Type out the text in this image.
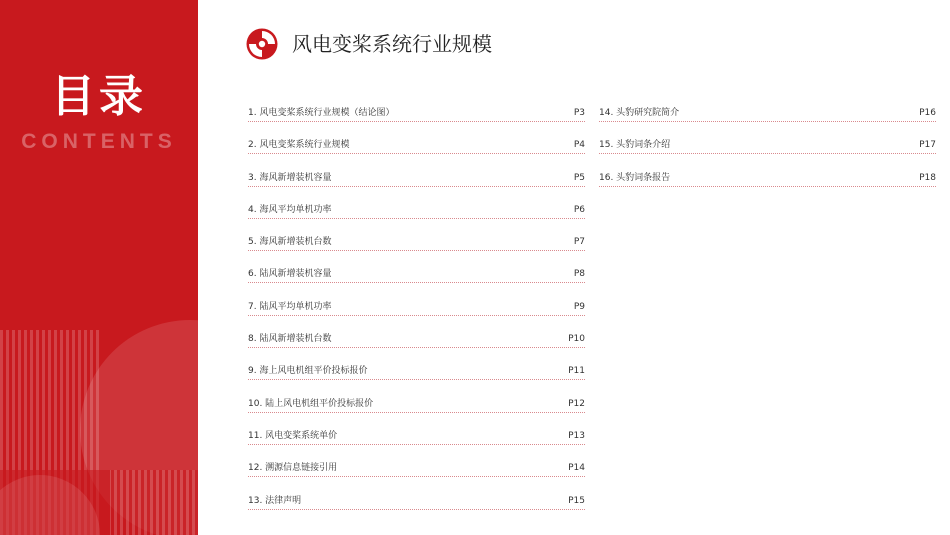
目录
CONTENTS
风电变桨系统行业规模
1. 风电变桨系统行业规模（结论图）	P3
2. 风电变桨系统行业规模	P4
3. 海风新增装机容量	P5
4. 海风平均单机功率	P6
5. 海风新增装机台数	P7
6. 陆风新增装机容量	P8
7. 陆风平均单机功率	P9
8. 陆风新增装机台数	P10
9. 海上风电机组平价投标报价	P11
10. 陆上风电机组平价投标报价	P12
11. 风电变桨系统单价	P13
12. 溯源信息链接引用	P14
13. 法律声明	P15
14. 头豹研究院简介	P16
15. 头豹词条介绍	P17
16. 头豹词条报告	P18
